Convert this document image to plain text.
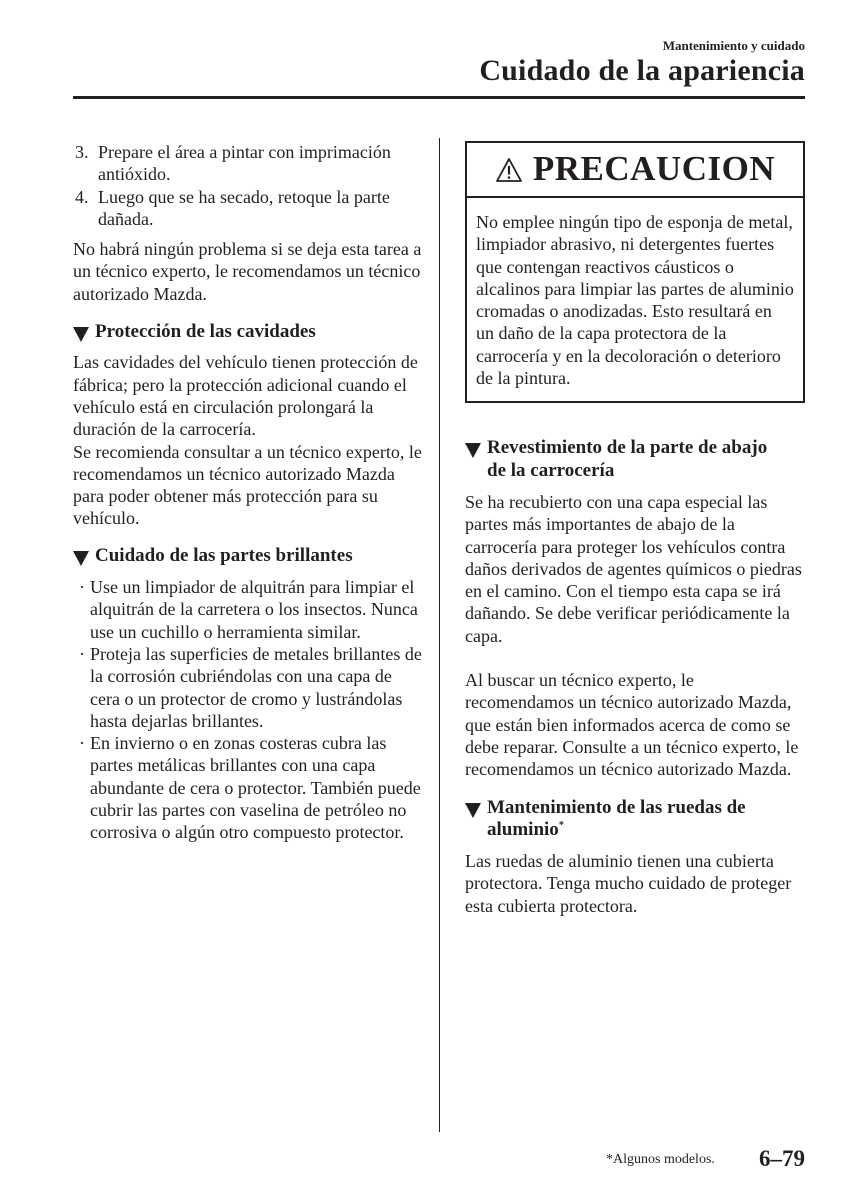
Mantenimiento y cuidado
Cuidado de la apariencia
3. Prepare el área a pintar con imprimación antióxido.
4. Luego que se ha secado, retoque la parte dañada.

No habrá ningún problema si se deja esta tarea a un técnico experto, le recomendamos un técnico autorizado Mazda.

Protección de las cavidades

Las cavidades del vehículo tienen protección de fábrica; pero la protección adicional cuando el vehículo está en circulación prolongará la duración de la carrocería.

Se recomienda consultar a un técnico experto, le recomendamos un técnico autorizado Mazda para poder obtener más protección para su vehículo.

Cuidado de las partes brillantes
· Use un limpiador de alquitrán para limpiar el alquitrán de la carretera o los insectos. Nunca use un cuchillo o herramienta similar.
· Proteja las superficies de metales brillantes de la corrosión cubriéndolas con una capa de cera o un protector de cromo y lustrándolas hasta dejarlas brillantes.
· En invierno o en zonas costeras cubra las partes metálicas brillantes con una capa abundante de cera o protector. También puede cubrir las partes con vaselina de petróleo no corrosiva o algún otro compuesto protector.
PRECAUCION
No emplee ningún tipo de esponja de metal, limpiador abrasivo, ni detergentes fuertes que contengan reactivos cáusticos o alcalinos para limpiar las partes de aluminio cromadas o anodizadas. Esto resultará en un daño de la capa protectora de la carrocería y en la decoloración o deterioro de la pintura.
Revestimiento de la parte de abajo
de la carrocería

Se ha recubierto con una capa especial las partes más importantes de abajo de la carrocería para proteger los vehículos contra daños derivados de agentes químicos o piedras en el camino. Con el tiempo esta capa se irá dañando. Se debe verificar periódicamente la capa.

Al buscar un técnico experto, le recomendamos un técnico autorizado Mazda, que están bien informados acerca de como se debe reparar. Consulte a un técnico experto, le recomendamos un técnico autorizado Mazda.

Mantenimiento de las ruedas de
aluminio*

Las ruedas de aluminio tienen una cubierta protectora. Tenga mucho cuidado de proteger esta cubierta protectora.

*Algunos modelos. 6–79
